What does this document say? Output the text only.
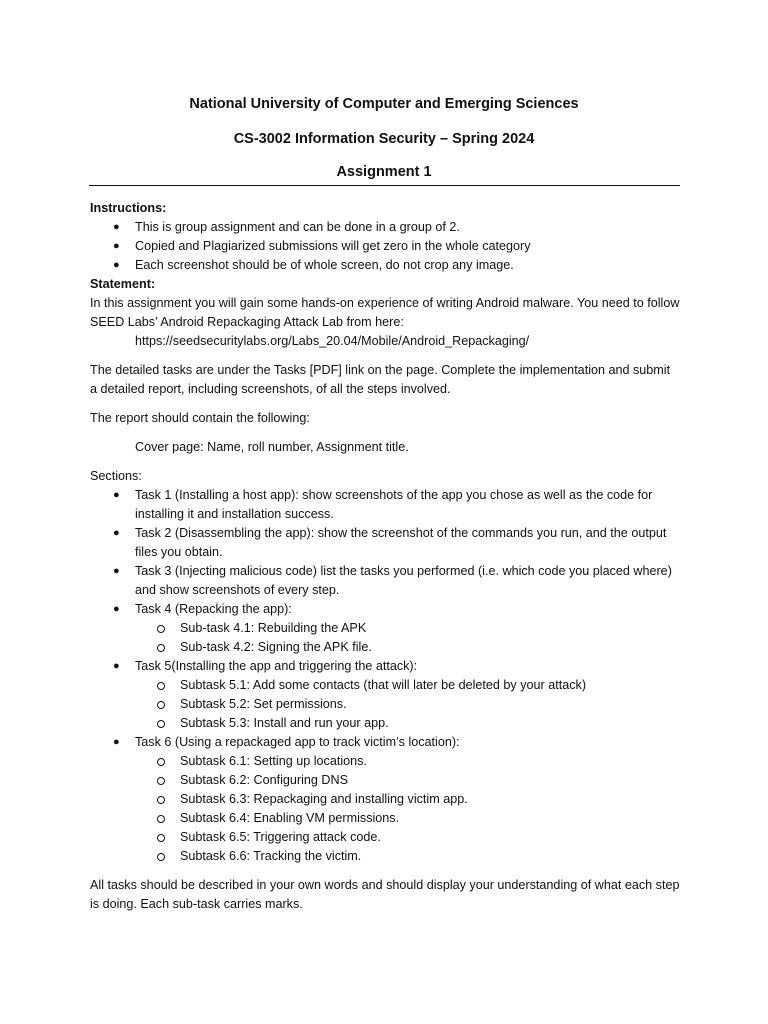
National University of Computer and Emerging Sciences
CS-3002 Information Security – Spring 2024
Assignment 1

Instructions:

● This is group assignment and can be done in a group of 2.
● Copied and Plagiarized submissions will get zero in the whole category
● Each screenshot should be of whole screen, do not crop any image.

Statement:

In this assignment you will gain some hands-on experience of writing Android malware. You need to follow SEED Labs’ Android Repackaging Attack Lab from here:

https://seedsecuritylabs.org/Labs_20.04/Mobile/Android_Repackaging/

The detailed tasks are under the Tasks [PDF] link on the page. Complete the implementation and submit a detailed report, including screenshots, of all the steps involved.

The report should contain the following:

Cover page: Name, roll number, Assignment title.

Sections:

● Task 1 (Installing a host app): show screenshots of the app you chose as well as the code for installing it and installation success.
● Task 2 (Disassembling the app): show the screenshot of the commands you run, and the output files you obtain.
● Task 3 (Injecting malicious code) list the tasks you performed (i.e. which code you placed where) and show screenshots of every step.
● Task 4 (Repacking the app):
Sub-task 4.1: Rebuilding the APK
Sub-task 4.2: Signing the APK file.
● Task 5(Installing the app and triggering the attack):
Subtask 5.1: Add some contacts (that will later be deleted by your attack)
Subtask 5.2: Set permissions.
Subtask 5.3: Install and run your app.
● Task 6 (Using a repackaged app to track victim’s location):
Subtask 6.1: Setting up locations.
Subtask 6.2: Configuring DNS
Subtask 6.3: Repackaging and installing victim app.
Subtask 6.4: Enabling VM permissions.
Subtask 6.5: Triggering attack code.
Subtask 6.6: Tracking the victim.

All tasks should be described in your own words and should display your understanding of what each step is doing. Each sub-task carries marks.
